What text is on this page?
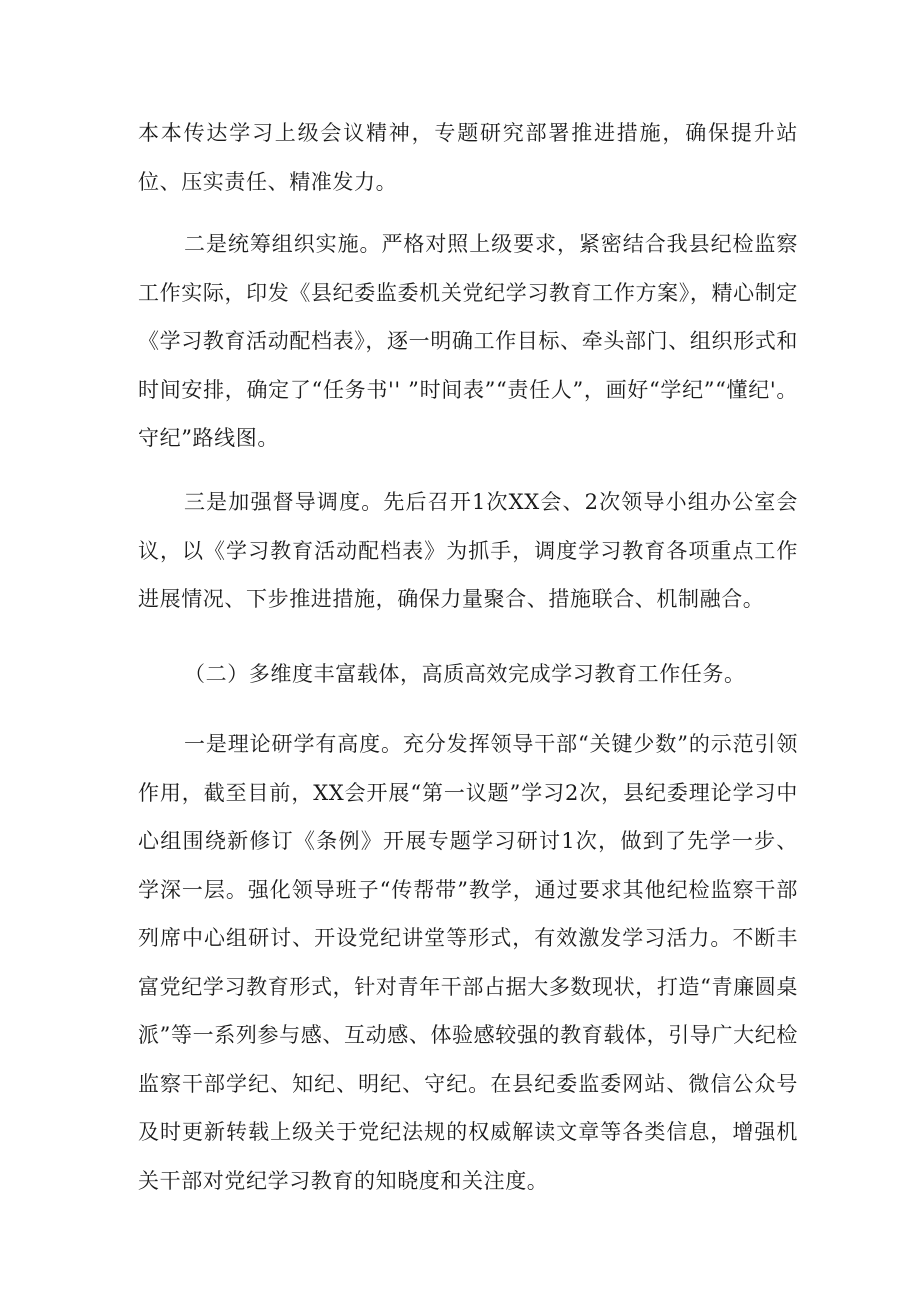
本本传达学习上级会议精神，专题研究部署推进措施，确保提升站位、压实责任、精准发力。

二是统筹组织实施。严格对照上级要求，紧密结合我县纪检监察工作实际，印发《县纪委监委机关党纪学习教育工作方案》，精心制定《学习教育活动配档表》，逐一明确工作目标、牵头部门、组织形式和时间安排，确定了“任务书'' ”时间表”“责任人”，画好“学纪”“懂纪'。守纪”路线图。

三是加强督导调度。先后召开1次XX会、2次领导小组办公室会议，以《学习教育活动配档表》为抓手，调度学习教育各项重点工作进展情况、下步推进措施，确保力量聚合、措施联合、机制融合。

（二）多维度丰富载体，高质高效完成学习教育工作任务。

一是理论研学有高度。充分发挥领导干部“关键少数”的示范引领作用，截至目前，XX会开展“第一议题”学习2次，县纪委理论学习中心组围绕新修订《条例》开展专题学习研讨1次，做到了先学一步、学深一层。强化领导班子“传帮带”教学，通过要求其他纪检监察干部列席中心组研讨、开设党纪讲堂等形式，有效激发学习活力。不断丰富党纪学习教育形式，针对青年干部占据大多数现状，打造“青廉圆桌派”等一系列参与感、互动感、体验感较强的教育载体，引导广大纪检监察干部学纪、知纪、明纪、守纪。在县纪委监委网站、微信公众号及时更新转载上级关于党纪法规的权威解读文章等各类信息，增强机关干部对党纪学习教育的知晓度和关注度。
